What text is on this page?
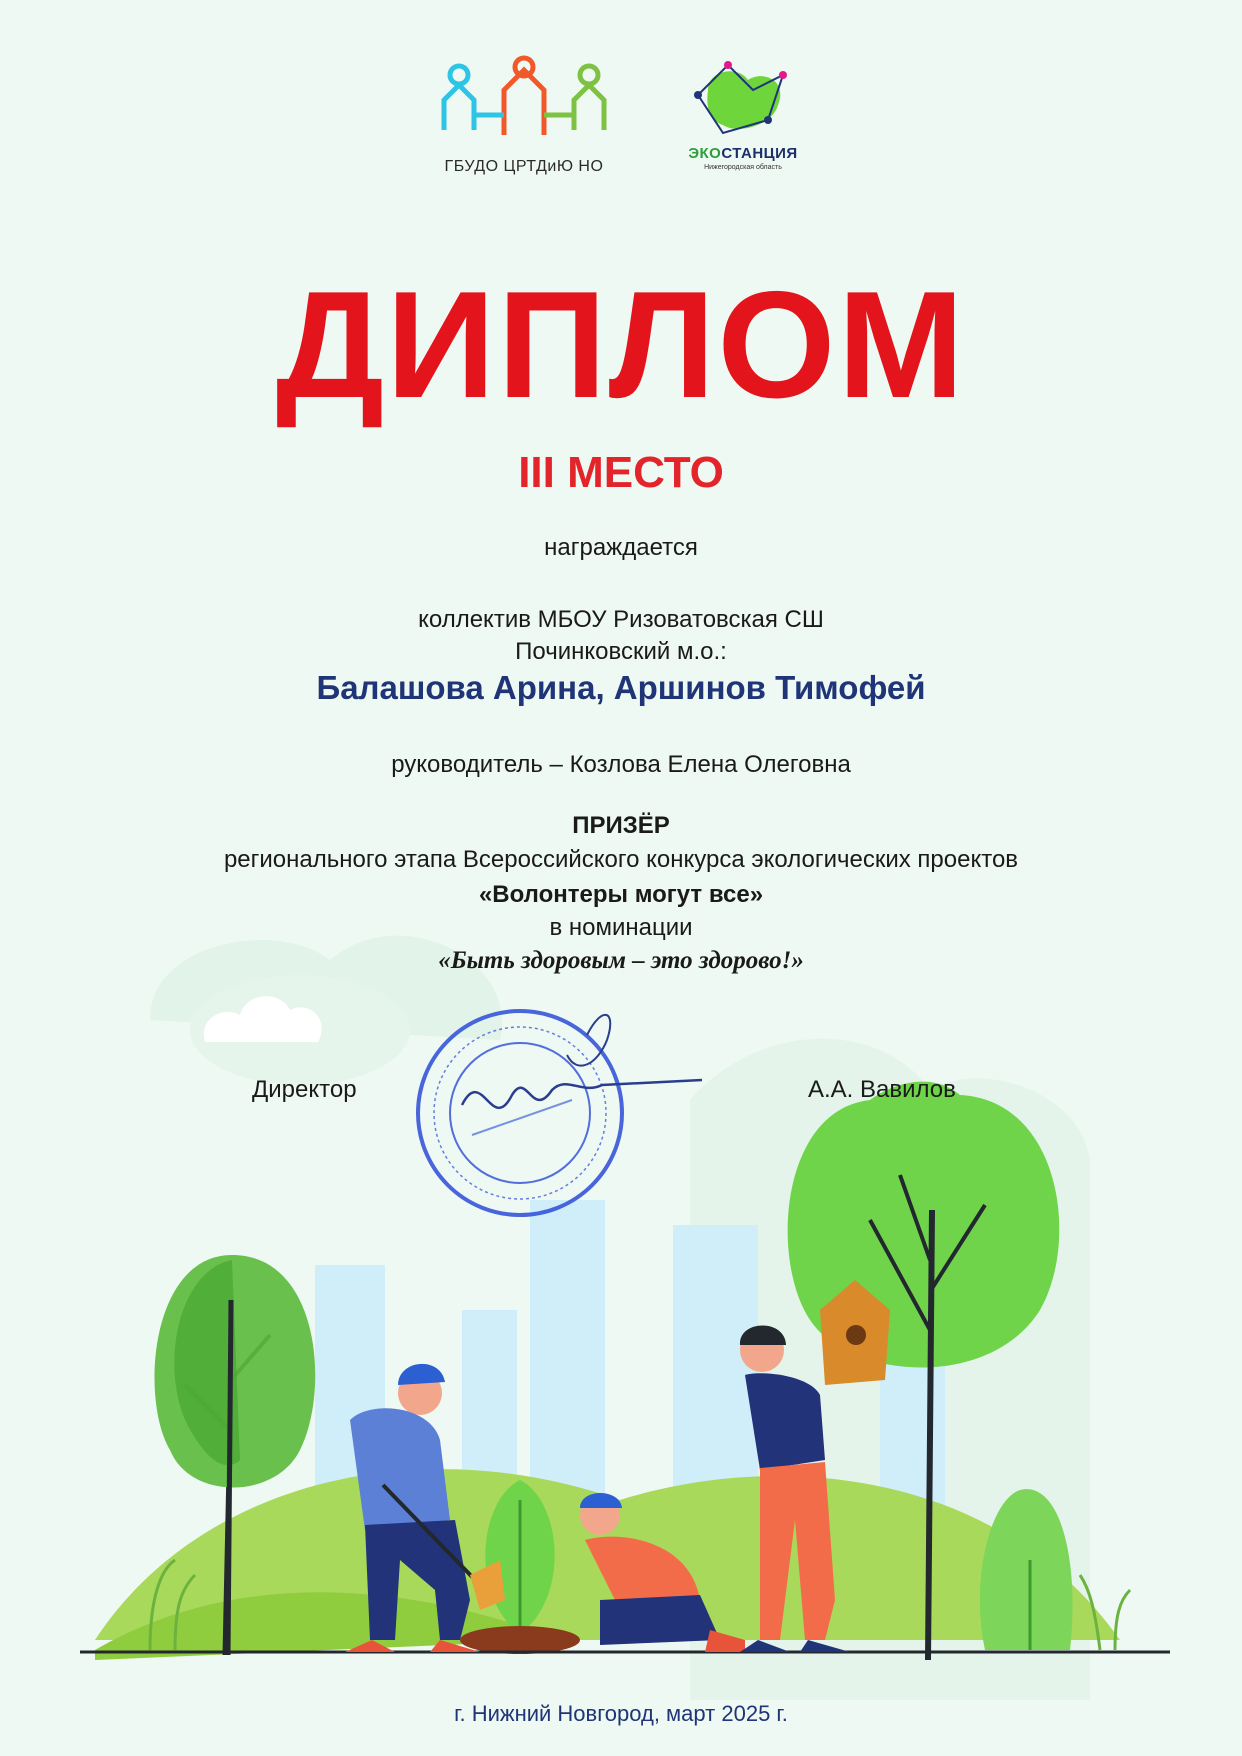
ГБУДО ЦРТДиЮ НО
ЭКОСТАНЦИЯ
Нижегородская область
ДИПЛОМ
III МЕСТО
награждается
коллектив МБОУ Ризоватовская СШ
Починковский м.о.:
Балашова Арина, Аршинов Тимофей
руководитель – Козлова Елена Олеговна
ПРИЗЁР
регионального этапа Всероссийского конкурса экологических проектов
«Волонтеры могут все»
в номинации
«Быть здоровым – это здорово!»
Директор	А.А. Вавилов
г. Нижний Новгород, март 2025 г.
